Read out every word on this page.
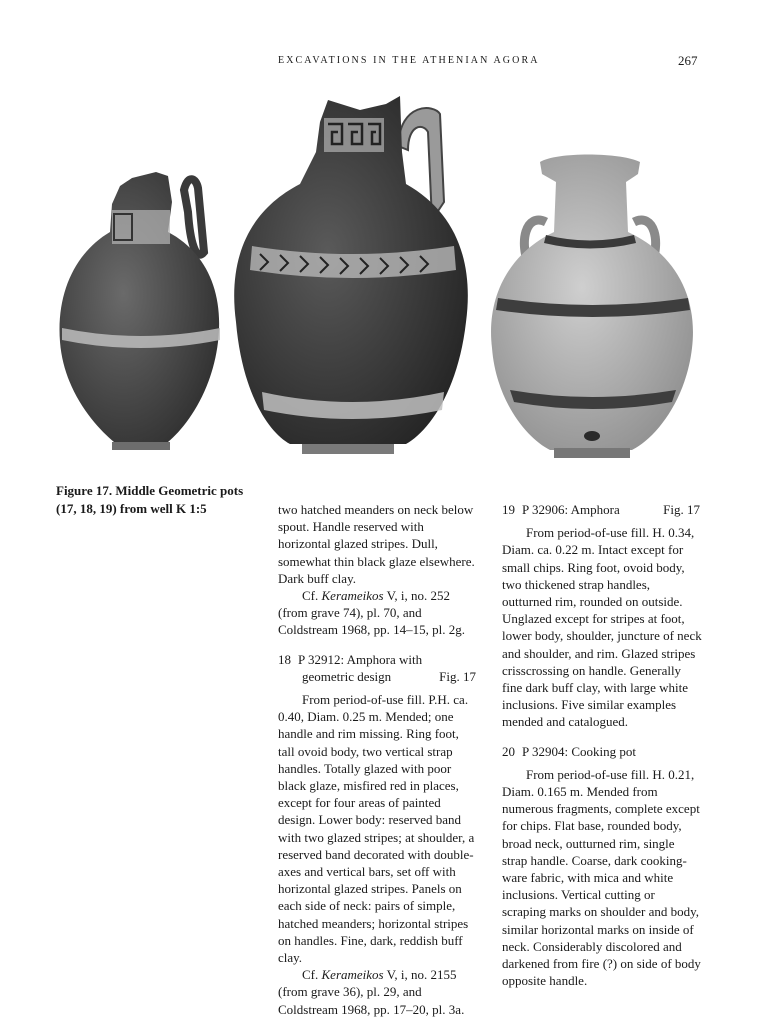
EXCAVATIONS IN THE ATHENIAN AGORA	267
Figure 17. Middle Geometric pots
(17, 18, 19) from well K 1:5	two hatched meanders on neck below spout. Handle reserved with horizontal glazed stripes. Dull, somewhat thin black glaze elsewhere. Dark buff clay.

Cf. Kerameikos V, i, no. 252 (from grave 74), pl. 70, and Coldstream 1968, pp. 14–15, pl. 2g.

18 P 32912: Amphora with
geometric design	Fig. 17

From period-of-use fill. P.H. ca. 0.40, Diam. 0.25 m. Mended; one handle and rim missing. Ring foot, tall ovoid body, two vertical strap handles. Totally glazed with poor black glaze, misfired red in places, except for four areas of painted design. Lower body: reserved band with two glazed stripes; at shoulder, a reserved band decorated with double-axes and vertical bars, set off with horizontal glazed stripes. Panels on each side of neck: pairs of simple, hatched meanders; horizontal stripes on handles. Fine, dark, reddish buff clay.

Cf. Kerameikos V, i, no. 2155 (from grave 36), pl. 29, and Coldstream 1968, pp. 17–20, pl. 3a.

19 P 32906: Amphora	Fig. 17

From period-of-use fill. H. 0.34, Diam. ca. 0.22 m. Intact except for small chips. Ring foot, ovoid body, two thickened strap handles, outturned rim, rounded on outside. Unglazed except for stripes at foot, lower body, shoulder, juncture of neck and shoulder, and rim. Glazed stripes crisscrossing on handle. Generally fine dark buff clay, with large white inclusions. Five similar examples mended and catalogued.

20 P 32904: Cooking pot

From period-of-use fill. H. 0.21, Diam. 0.165 m. Mended from numerous fragments, complete except for chips. Flat base, rounded body, broad neck, outturned rim, single strap handle. Coarse, dark cooking-ware fabric, with mica and white inclusions. Vertical cutting or scraping marks on shoulder and body, similar horizontal marks on inside of neck. Considerably discolored and darkened from fire (?) on side of body opposite handle.
